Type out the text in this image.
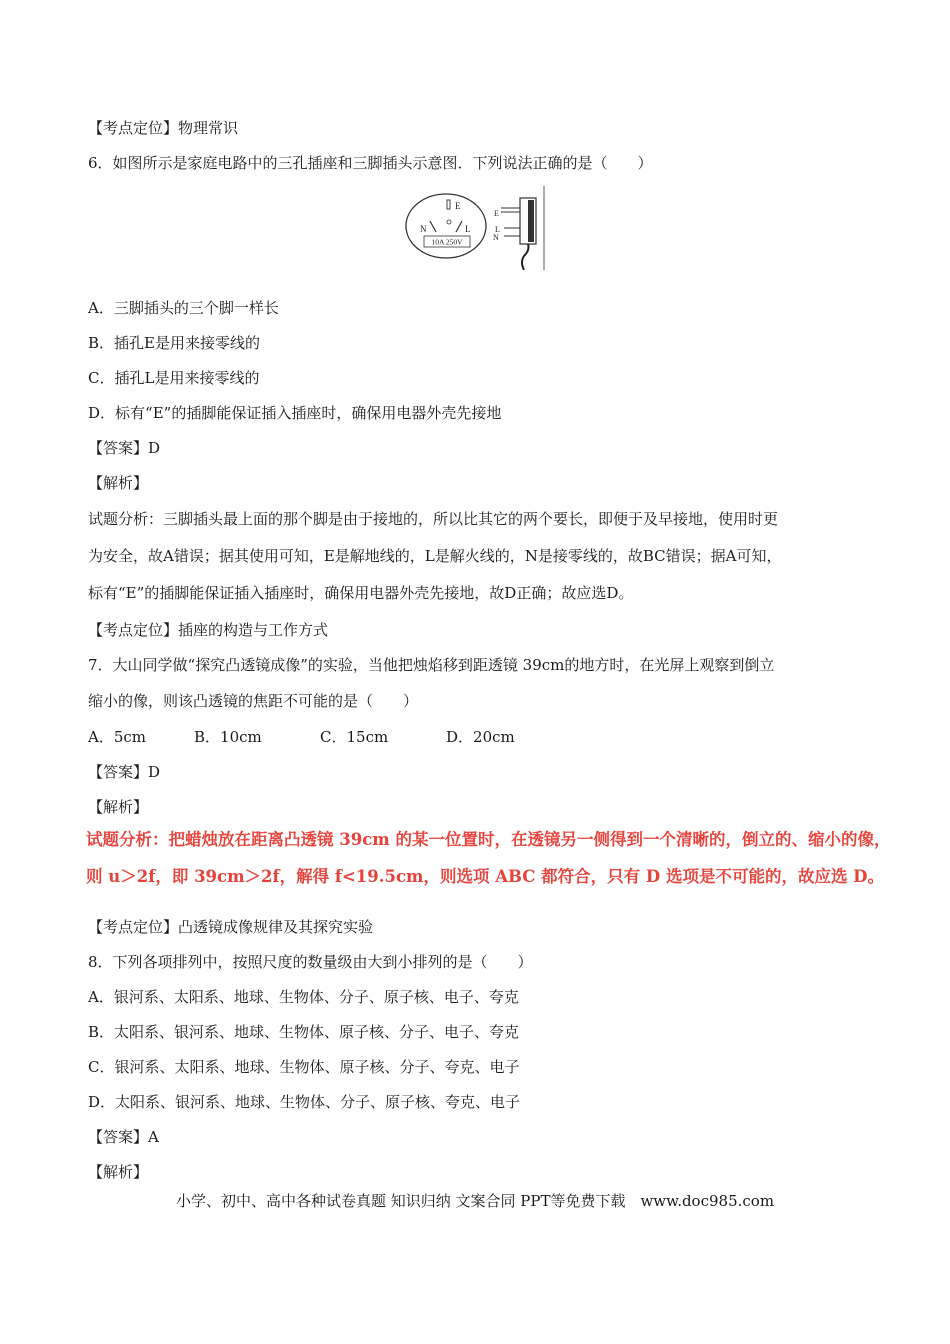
【考点定位】物理常识
6．如图所示是家庭电路中的三孔插座和三脚插头示意图．下列说法正确的是（　　）
E
N	L
10A 250V
E
L
N
A．三脚插头的三个脚一样长
B．插孔E是用来接零线的
C．插孔L是用来接零线的
D．标有“E”的插脚能保证插入插座时，确保用电器外壳先接地
【答案】D
【解析】
试题分析：三脚插头最上面的那个脚是由于接地的，所以比其它的两个要长，即便于及早接地，使用时更
为安全，故A错误；据其使用可知，E是解地线的，L是解火线的，N是接零线的，故BC错误；据A可知，
标有“E”的插脚能保证插入插座时，确保用电器外壳先接地，故D正确；故应选D。
【考点定位】插座的构造与工作方式
7．大山同学做“探究凸透镜成像”的实验，当他把烛焰移到距透镜 39cm的地方时，在光屏上观察到倒立
缩小的像，则该凸透镜的焦距不可能的是（　　）
A．5cm	B．10cm	C．15cm	D．20cm
【答案】D
【解析】
试题分析：把蜡烛放在距离凸透镜 39cm 的某一位置时，在透镜另一侧得到一个清晰的，倒立的、缩小的像，
则 u＞2f，即 39cm＞2f，解得 f<19.5cm，则选项 ABC 都符合，只有 D 选项是不可能的，故应选 D。
【考点定位】凸透镜成像规律及其探究实验
8．下列各项排列中，按照尺度的数量级由大到小排列的是（　　）
A．银河系、太阳系、地球、生物体、分子、原子核、电子、夸克
B．太阳系、银河系、地球、生物体、原子核、分子、电子、夸克
C．银河系、太阳系、地球、生物体、原子核、分子、夸克、电子
D．太阳系、银河系、地球、生物体、分子、原子核、夸克、电子
【答案】A
【解析】
小学、初中、高中各种试卷真题 知识归纳 文案合同 PPT等免费下载　www.doc985.com
